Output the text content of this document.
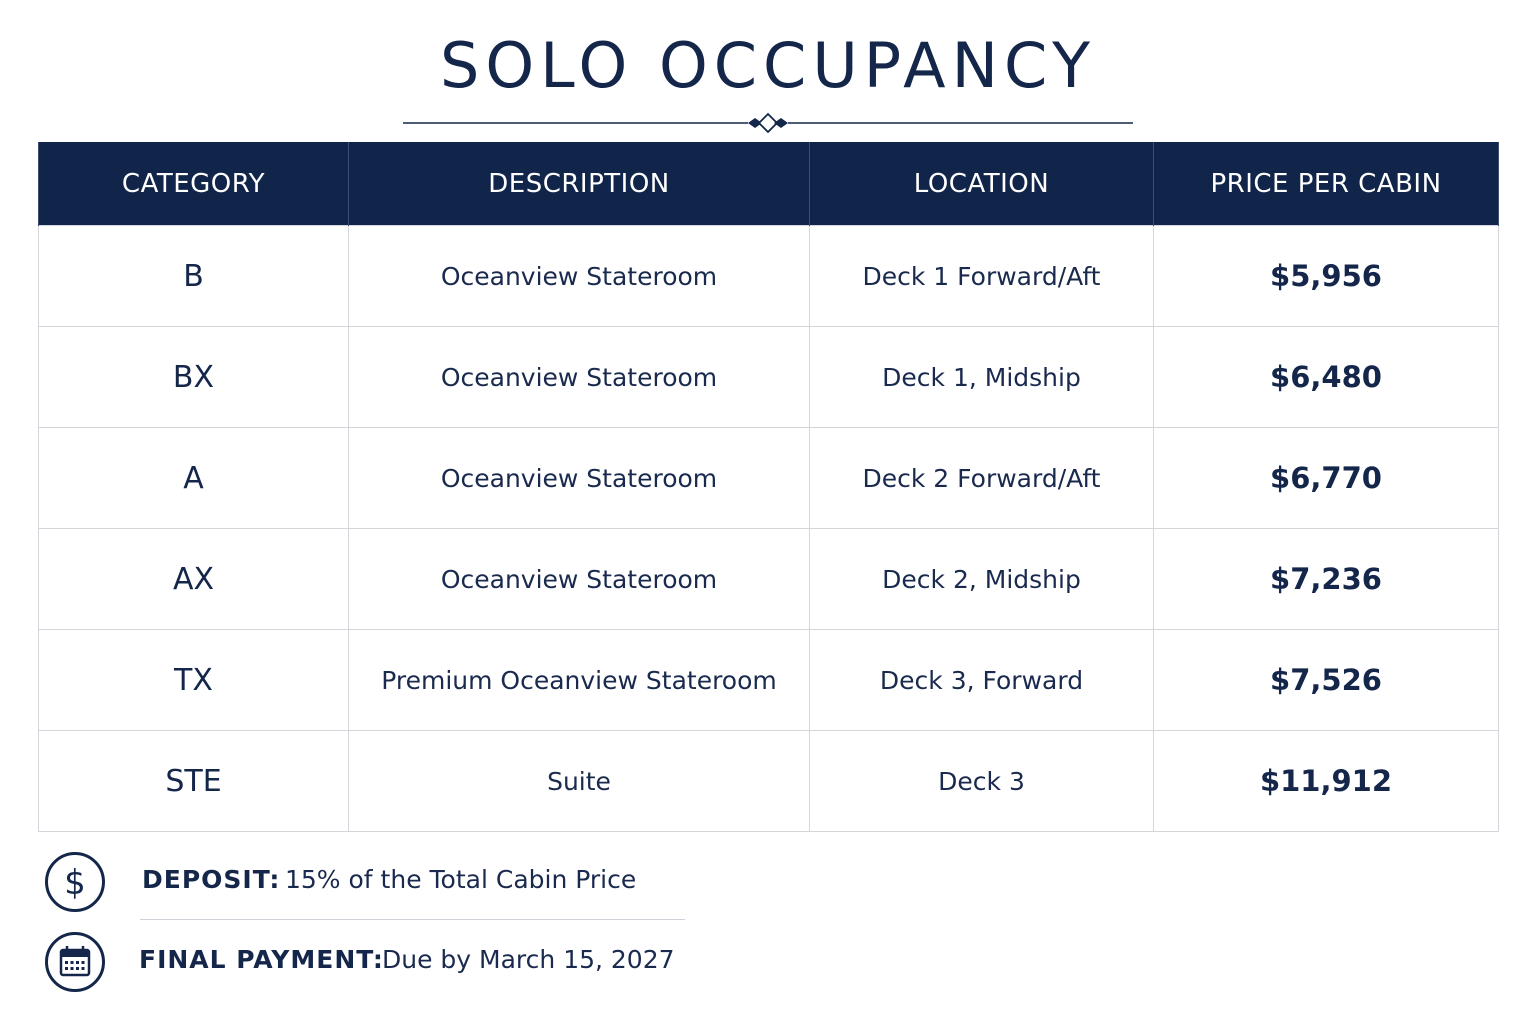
SOLO OCCUPANCY
CATEGORY	DESCRIPTION	LOCATION	PRICE PER CABIN
B	Oceanview Stateroom	Deck 1 Forward/Aft	$5,956
BX	Oceanview Stateroom	Deck 1, Midship	$6,480
A	Oceanview Stateroom	Deck 2 Forward/Aft	$6,770
AX	Oceanview Stateroom	Deck 2, Midship	$7,236
TX	Premium Oceanview Stateroom	Deck 3, Forward	$7,526
STE	Suite	Deck 3	$11,912
$ DEPOSIT: 15% of the Total Cabin Price
FINAL PAYMENT:
Due by March 15, 2027
